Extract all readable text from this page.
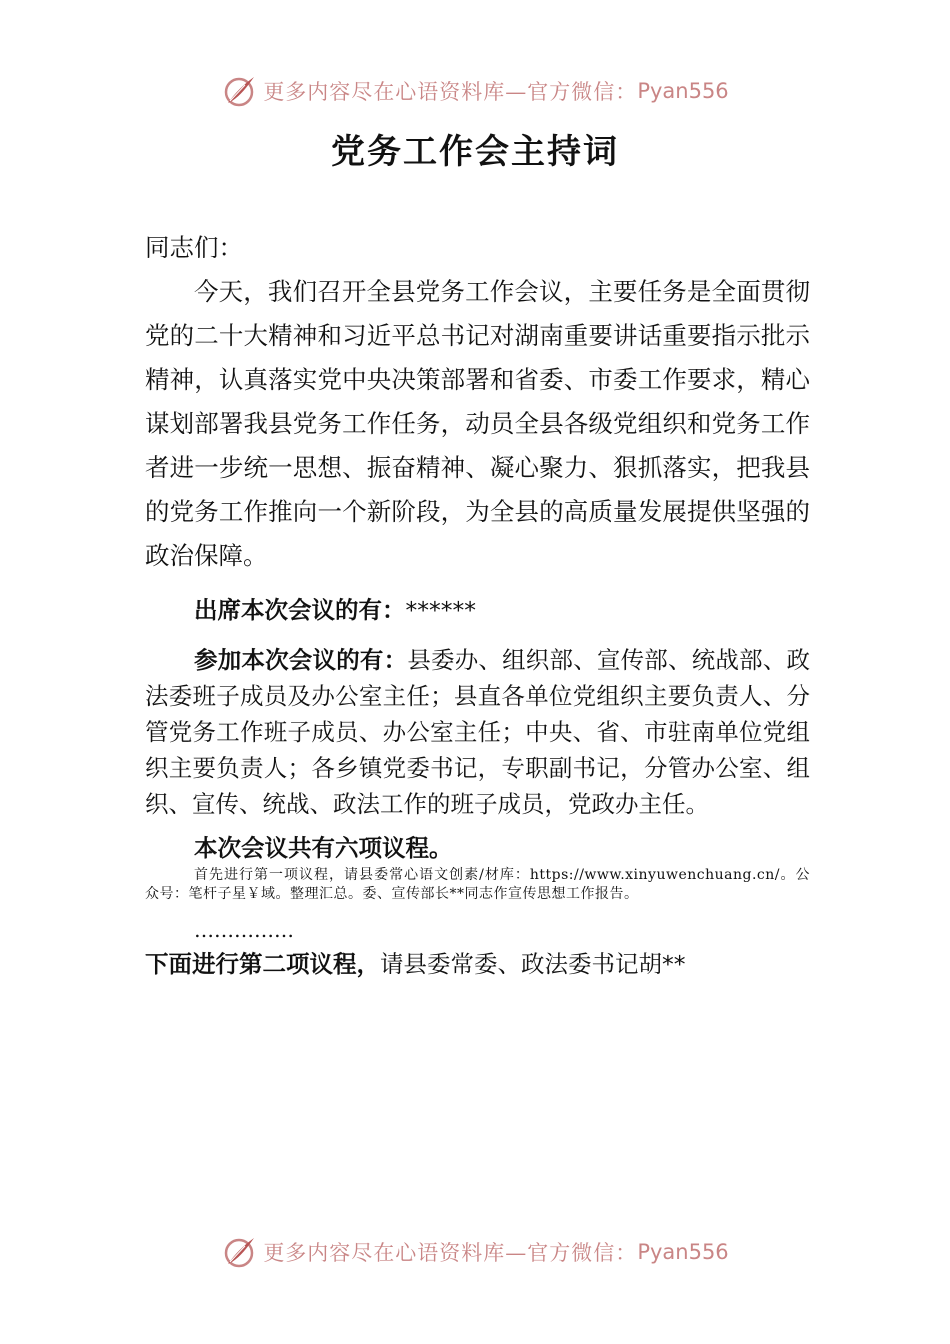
更多内容尽在心语资料库—官方微信： Pyan556
党务工作会主持词

同志们：

今天，我们召开全县党务工作会议，主要任务是全面贯彻党的二十大精神和习近平总书记对湖南重要讲话重要指示批示精神，认真落实党中央决策部署和省委、市委工作要求，精心谋划部署我县党务工作任务，动员全县各级党组织和党务工作者进一步统一思想、振奋精神、凝心聚力、狠抓落实，把我县的党务工作推向一个新阶段，为全县的高质量发展提供坚强的政治保障。

出席本次会议的有：******

参加本次会议的有：县委办、组织部、宣传部、统战部、政法委班子成员及办公室主任；县直各单位党组织主要负责人、分管党务工作班子成员、办公室主任；中央、省、市驻南单位党组织主要负责人；各乡镇党委书记，专职副书记，分管办公室、组织、宣传、统战、政法工作的班子成员，党政办主任。

本次会议共有六项议程。

首先进行第一项议程，请县委常心语文创素/材库：https://www.xinyuwenchuang.cn/。公众号：笔杆子星￥域。整理汇总。委、宣传部长**同志作宣传思想工作报告。

……………

下面进行第二项议程，请县委常委、政法委书记胡**

更多内容尽在心语资料库—官方微信： Pyan556
